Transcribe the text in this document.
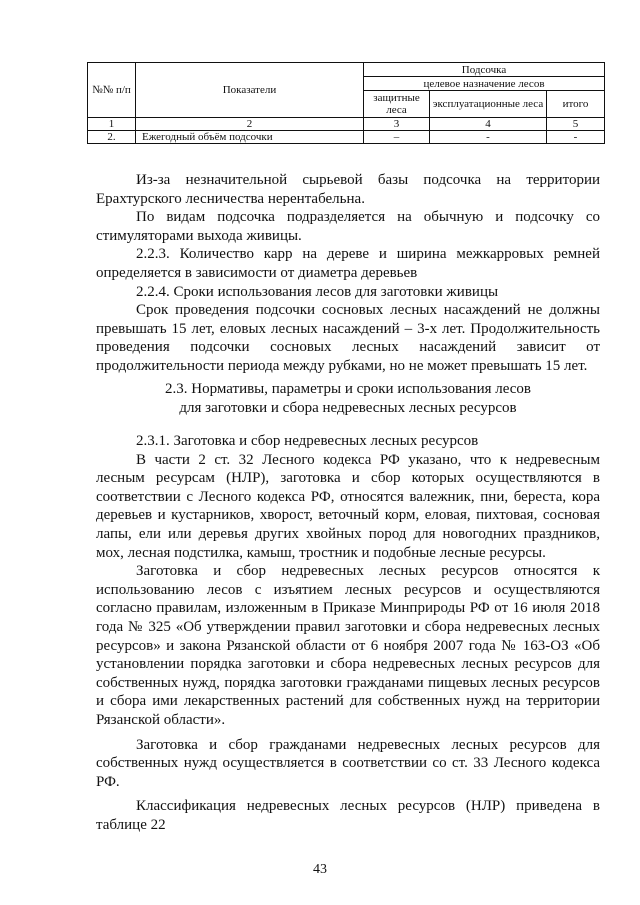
№№ п/п	Показатели	Подсочка		
		целевое назначение лесов		
		защитные леса	эксплуатационные леса	итого
1	2	3	4	5
2.	Ежегодный объём подсочки	–	-	-

Из-за незначительной сырьевой базы подсочка на территории Ерахтурского лесничества нерентабельна.

По видам подсочка подразделяется на обычную и подсочку со стимуляторами выхода живицы.

2.2.3. Количество карр на дереве и ширина межкарровых ремней определяется в зависимости от диаметра деревьев

2.2.4. Сроки использования лесов для заготовки живицы

Срок проведения подсочки сосновых лесных насаждений не должны превышать 15 лет, еловых лесных насаждений – 3-х лет. Продолжительность проведения подсочки сосновых лесных насаждений зависит от продолжительности периода между рубками, но не может превышать 15 лет.

2.3. Нормативы, параметры и сроки использования лесов

для заготовки и сбора недревесных лесных ресурсов

2.3.1. Заготовка и сбор недревесных лесных ресурсов

В части 2 ст. 32 Лесного кодекса РФ указано, что к недревесным лесным ресурсам (НЛР), заготовка и сбор которых осуществляются в соответствии с Лесного кодекса РФ, относятся валежник, пни, береста, кора деревьев и кустарников, хворост, веточный корм, еловая, пихтовая, сосновая лапы, ели или деревья других хвойных пород для новогодних праздников, мох, лесная подстилка, камыш, тростник и подобные лесные ресурсы.

Заготовка и сбор недревесных лесных ресурсов относятся к использованию лесов с изъятием лесных ресурсов и осуществляются согласно правилам, изложенным в Приказе Минприроды РФ от 16 июля 2018 года № 325 «Об утверждении правил заготовки и сбора недревесных лесных ресурсов» и закона Рязанской области от 6 ноября 2007 года № 163-ОЗ «Об установлении порядка заготовки и сбора недревесных лесных ресурсов для собственных нужд, порядка заготовки гражданами пищевых лесных ресурсов и сбора ими лекарственных растений для собственных нужд на территории Рязанской области».

Заготовка и сбор гражданами недревесных лесных ресурсов для собственных нужд осуществляется в соответствии со ст. 33 Лесного кодекса РФ.

Классификация недревесных лесных ресурсов (НЛР) приведена в таблице 22

43
